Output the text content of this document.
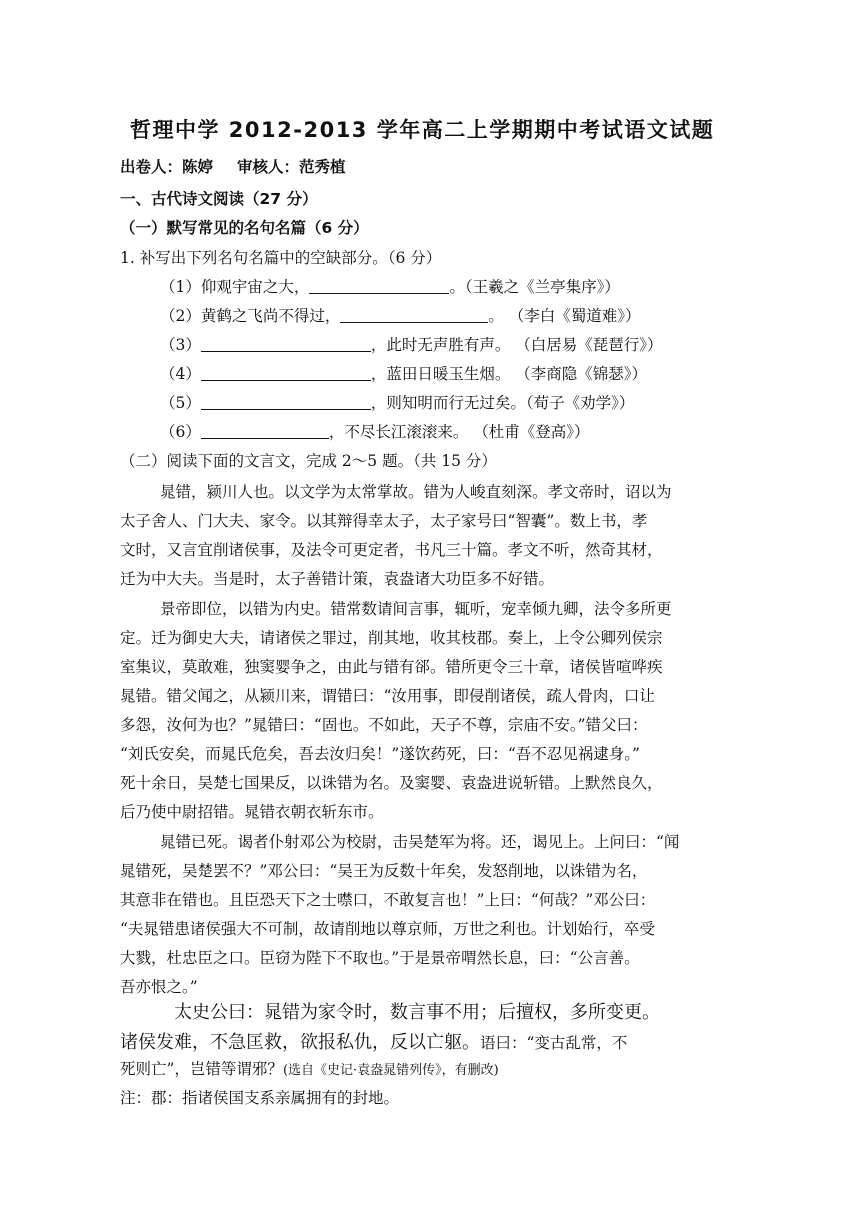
哲理中学 2012-2013 学年高二上学期期中考试语文试题
出卷人：陈婷 审核人：范秀植
一、古代诗文阅读（27 分）
（一）默写常见的名句名篇（6 分）
1. 补写出下列名句名篇中的空缺部分。（6 分）
（1）仰观宇宙之大，	。（王羲之《兰亭集序》）
（2）黄鹤之飞尚不得过，	。 （李白《蜀道难》）
（3）	，此时无声胜有声。 （白居易《琵琶行》）
（4）	，蓝田日暖玉生烟。 （李商隐《锦瑟》）
（5）	，则知明而行无过矣。（荀子《劝学》）
（6）	，不尽长江滚滚来。 （杜甫《登高》）
（二）阅读下面的文言文，完成 2～5 题。（共 15 分）
晁错，颍川人也。以文学为太常掌故。错为人峻直刻深。孝文帝时，诏以为
太子舍人、门大夫、家令。以其辩得幸太子，太子家号曰“智囊”。数上书，孝
文时，又言宜削诸侯事，及法令可更定者，书凡三十篇。孝文不听，然奇其材，
迁为中大夫。当是时，太子善错计策，袁盎诸大功臣多不好错。
景帝即位，以错为内史。错常数请间言事，辄听，宠幸倾九卿，法令多所更
定。迁为御史大夫，请诸侯之罪过，削其地，收其枝郡。奏上，上令公卿列侯宗
室集议，莫敢难，独窦婴争之，由此与错有郤。错所更令三十章，诸侯皆喧哗疾
晁错。错父闻之，从颍川来，谓错曰：“汝用事，即侵削诸侯，疏人骨肉，口让
多怨，汝何为也？”晁错曰：“固也。不如此，天子不尊，宗庙不安。”错父曰：
“刘氏安矣，而晁氏危矣，吾去汝归矣！”遂饮药死，曰：“吾不忍见祸逮身。”
死十余日，吴楚七国果反，以诛错为名。及窦婴、袁盎进说斩错。上默然良久，
后乃使中尉招错。晁错衣朝衣斩东市。
晁错已死。谒者仆射邓公为校尉，击吴楚军为将。还，谒见上。上问曰：“闻
晁错死，吴楚罢不？”邓公曰：“吴王为反数十年矣，发怒削地，以诛错为名，
其意非在错也。且臣恐天下之士噤口，不敢复言也！”上曰：“何哉？”邓公曰：
“夫晁错患诸侯强大不可制，故请削地以尊京师，万世之利也。计划始行，卒受
大戮，杜忠臣之口。臣窃为陛下不取也。”于是景帝喟然长息，曰：“公言善。
吾亦恨之。”
太史公曰：晁错为家令时，数言事不用；后擅权，多所变更。
诸侯发难，不急匡救，欲报私仇，反以亡躯。语曰：“变古乱常，不
死则亡”，岂错等谓邪？(选自《史记·袁盎晁错列传》，有删改)
注：郡：指诸侯国支系亲属拥有的封地。
